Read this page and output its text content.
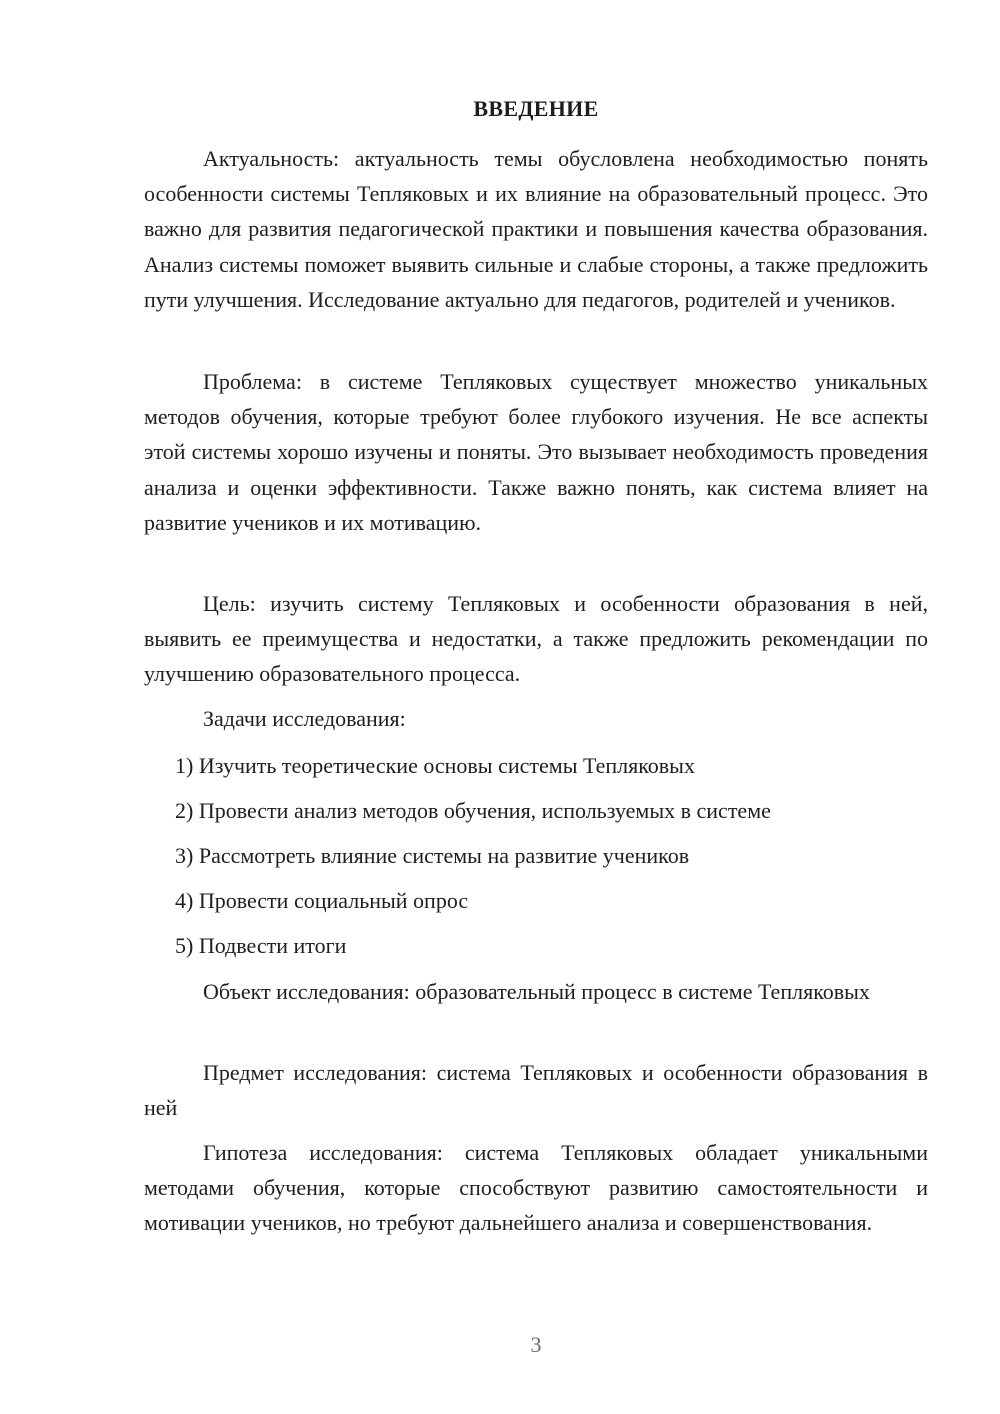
ВВЕДЕНИЕ

Актуальность: актуальность темы обусловлена необходимостью понять особенности системы Тепляковых и их влияние на образовательный процесс. Это важно для развития педагогической практики и повышения качества образования. Анализ системы поможет выявить сильные и слабые стороны, а также предложить пути улучшения. Исследование актуально для педагогов, родителей и учеников.

Проблема: в системе Тепляковых существует множество уникальных методов обучения, которые требуют более глубокого изучения. Не все аспекты этой системы хорошо изучены и поняты. Это вызывает необходимость проведения анализа и оценки эффективности. Также важно понять, как система влияет на развитие учеников и их мотивацию.

Цель: изучить систему Тепляковых и особенности образования в ней, выявить ее преимущества и недостатки, а также предложить рекомендации по улучшению образовательного процесса.

Задачи исследования:

1) Изучить теоретические основы системы Тепляковых

2) Провести анализ методов обучения, используемых в системе

3) Рассмотреть влияние системы на развитие учеников

4) Провести социальный опрос

5) Подвести итоги

Объект исследования: образовательный процесс в системе Тепляковых

Предмет исследования: система Тепляковых и особенности образования в ней

Гипотеза исследования: система Тепляковых обладает уникальными методами обучения, которые способствуют развитию самостоятельности и мотивации учеников, но требуют дальнейшего анализа и совершенствования.

3
